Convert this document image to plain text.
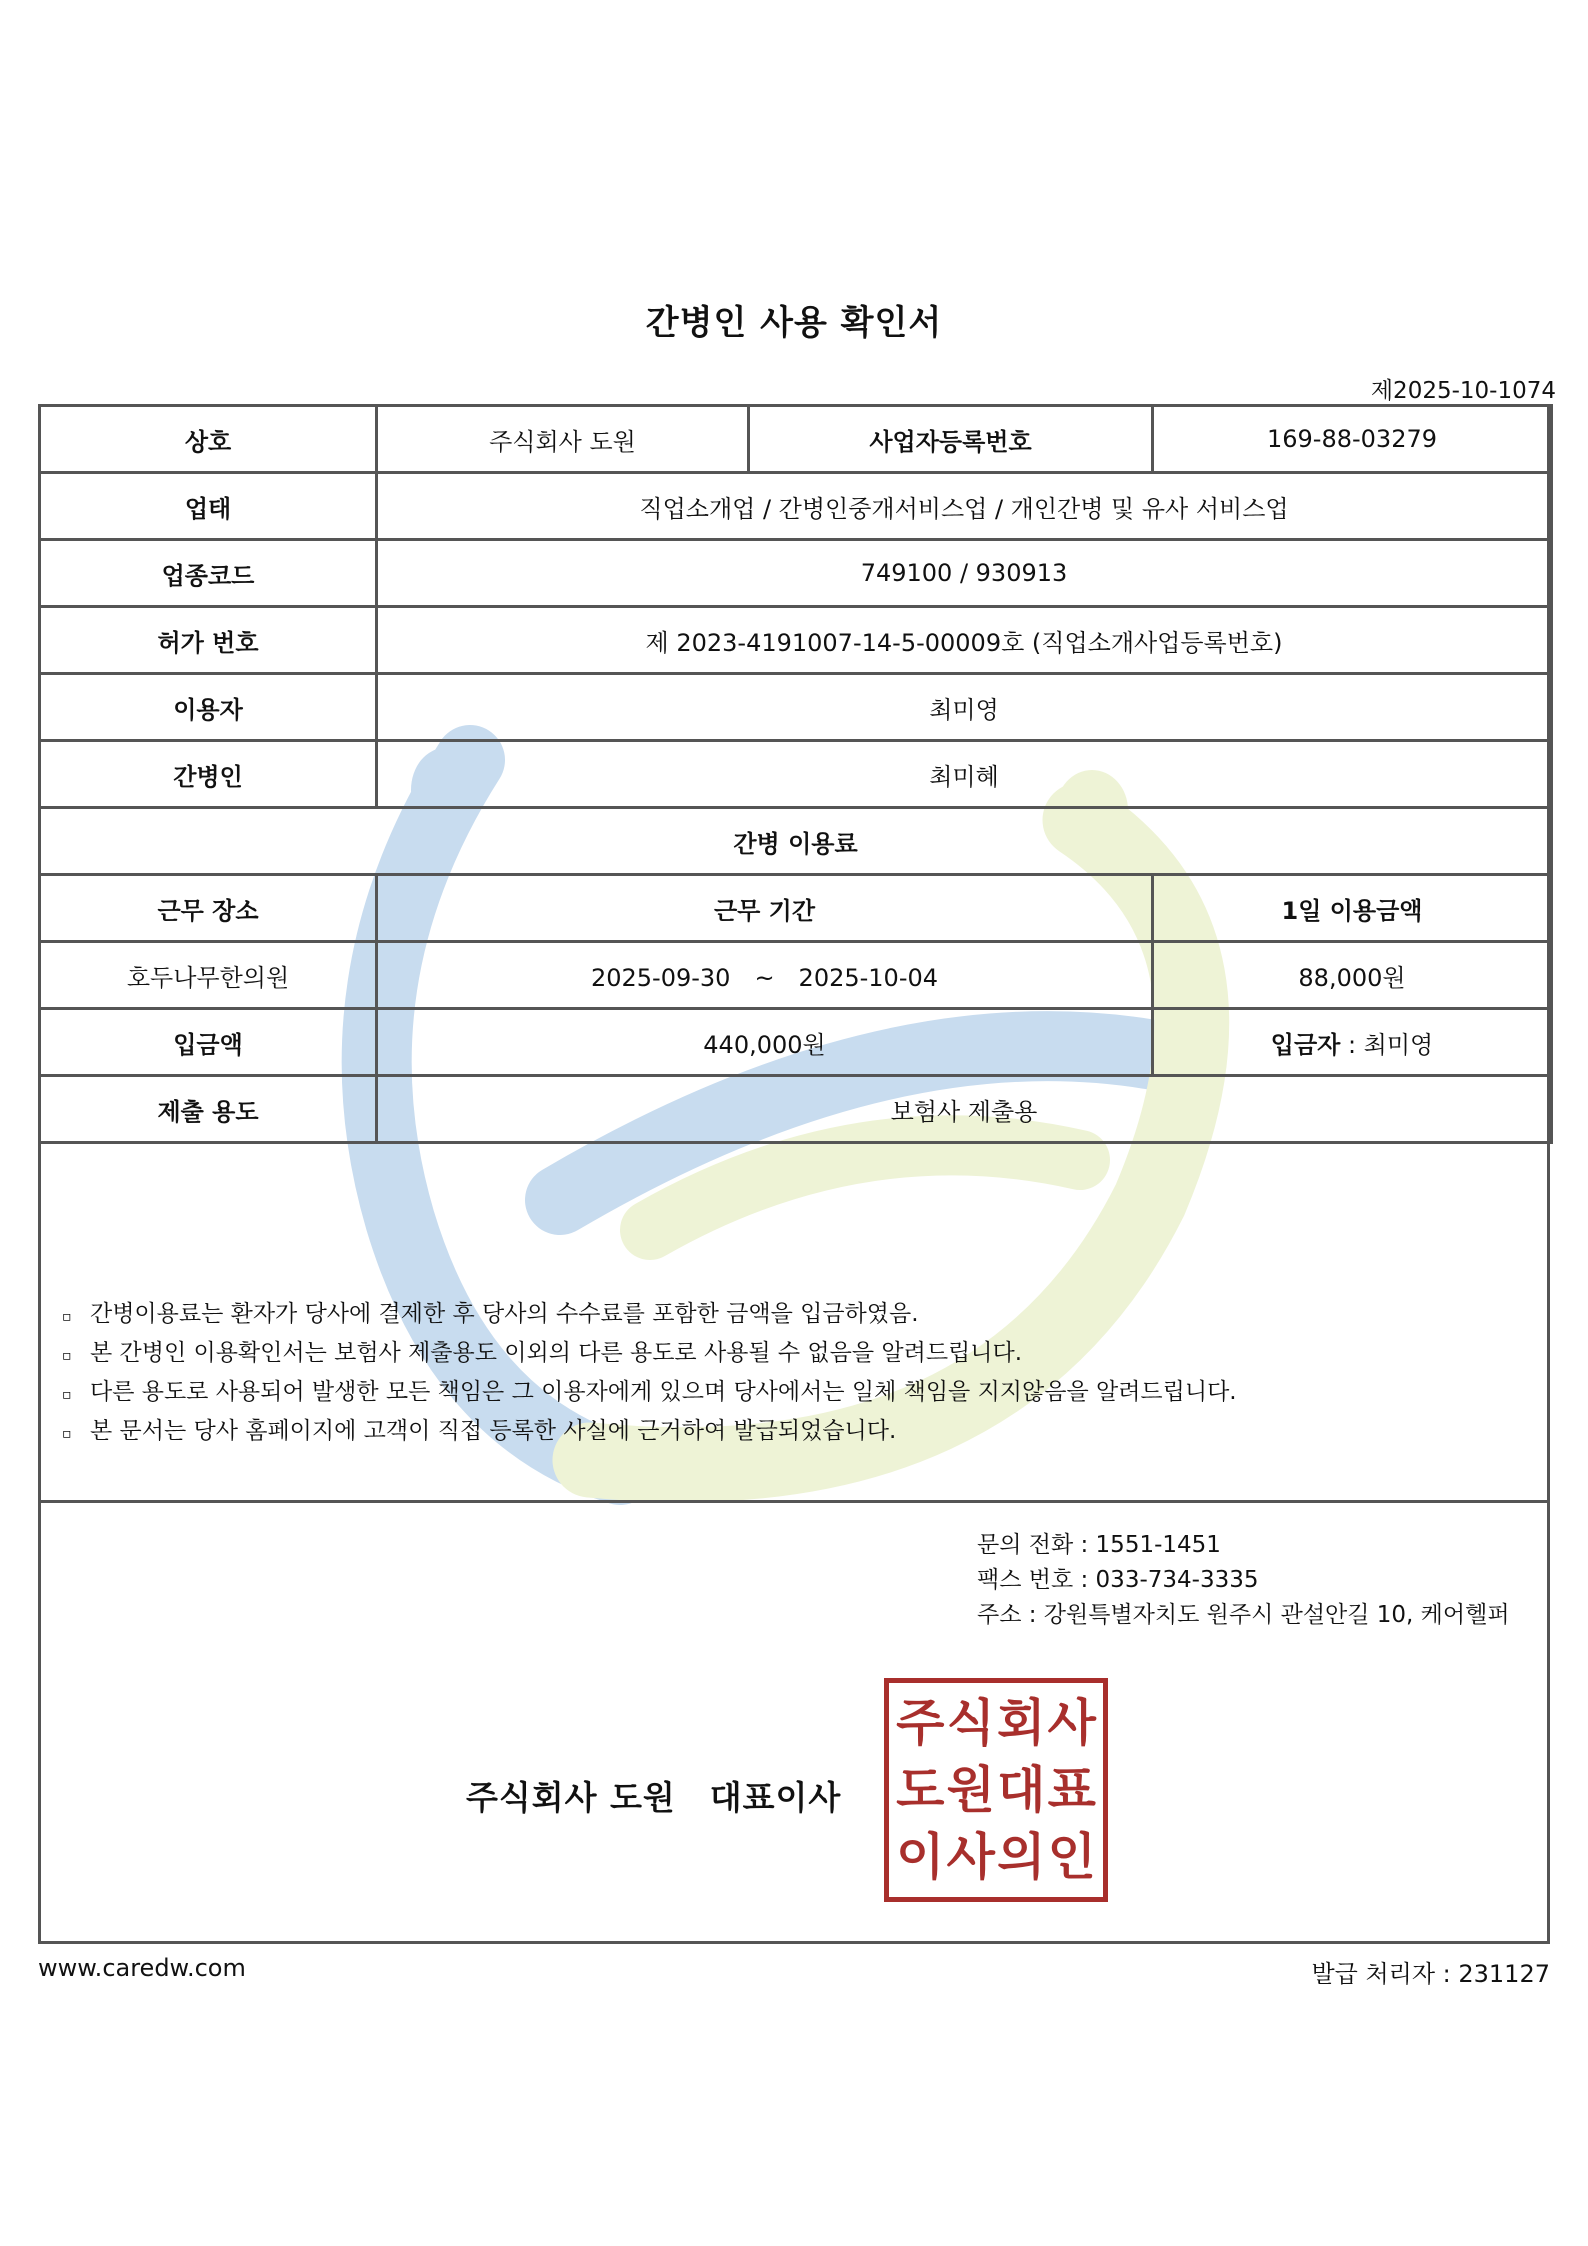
간병인 사용 확인서
제2025-10-1074
상호	주식회사 도원	사업자등록번호	169-88-03279
업태	직업소개업 / 간병인중개서비스업 / 개인간병 및 유사 서비스업		
업종코드	749100 / 930913		
허가 번호	제 2023-4191007-14-5-00009호 (직업소개사업등록번호)		
이용자	최미영		
간병인	최미혜		
간병 이용료			
근무 장소	근무 기간		1일 이용금액
호두나무한의원	2025-09-30　~　2025-10-04		88,000원
입금액	440,000원		입금자 : 최미영
제출 용도	보험사 제출용		
▫ 간병이용료는 환자가 당사에 결제한 후 당사의 수수료를 포함한 금액을 입금하였음.
▫ 본 간병인 이용확인서는 보험사 제출용도 이외의 다른 용도로 사용될 수 없음을 알려드립니다.
▫ 다른 용도로 사용되어 발생한 모든 책임은 그 이용자에게 있으며 당사에서는 일체 책임을 지지않음을 알려드립니다.
▫ 본 문서는 당사 홈페이지에 고객이 직접 등록한 사실에 근거하여 발급되었습니다.
문의 전화 : 1551-1451
팩스 번호 : 033-734-3335
주소 : 강원특별자치도 원주시 관설안길 10, 케어헬퍼
주식회사 도원　대표이사
주 식 회 사
도 원 대 표
이 사 의 인
www.caredw.com	발급 처리자 : 231127
